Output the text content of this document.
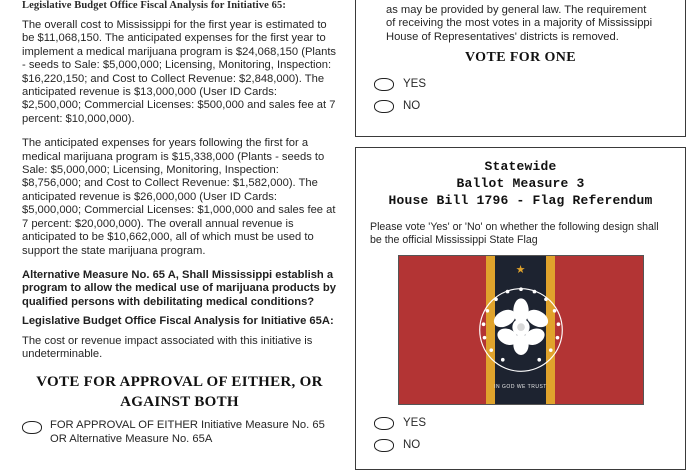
Legislative Budget Office Fiscal Analysis for Initiative 65:

The overall cost to Mississippi for the first year is estimated to be $11,068,150. The anticipated expenses for the first year to implement a medical marijuana program is $24,068,150 (Plants - seeds to Sale: $5,000,000; Licensing, Monitoring, Inspection: $16,220,150; and Cost to Collect Revenue: $2,848,000). The anticipated revenue is $13,000,000 (User ID Cards: $2,500,000; Commercial Licenses: $500,000 and sales fee at 7 percent: $10,000,000).

The anticipated expenses for years following the first for a medical marijuana program is $15,338,000 (Plants - seeds to Sale: $5,000,000; Licensing, Monitoring, Inspection: $8,756,000; and Cost to Collect Revenue: $1,582,000). The anticipated revenue is $26,000,000 (User ID Cards: $5,000,000; Commercial Licenses: $1,000,000 and sales fee at 7 percent: $20,000,000). The overall annual revenue is anticipated to be $10,662,000, all of which must be used to support the state marijuana program.

Alternative Measure No. 65 A, Shall Mississippi establish a program to allow the medical use of marijuana products by qualified persons with debilitating medical conditions?

Legislative Budget Office Fiscal Analysis for Initiative 65A:

The cost or revenue impact associated with this initiative is undeterminable.

VOTE FOR APPROVAL OF EITHER, OR
AGAINST BOTH
FOR APPROVAL OF EITHER Initiative Measure No. 65 OR Alternative Measure No. 65A
as may be provided by general law. The requirement of receiving the most votes in a majority of Mississippi House of Representatives' districts is removed.
VOTE FOR ONE
YES
NO
Statewide
Ballot Measure 3
House Bill 1796 - Flag Referendum
Please vote 'Yes' or 'No' on whether the following design shall be the official Mississippi State Flag
★
IN GOD WE TRUST
YES
NO
